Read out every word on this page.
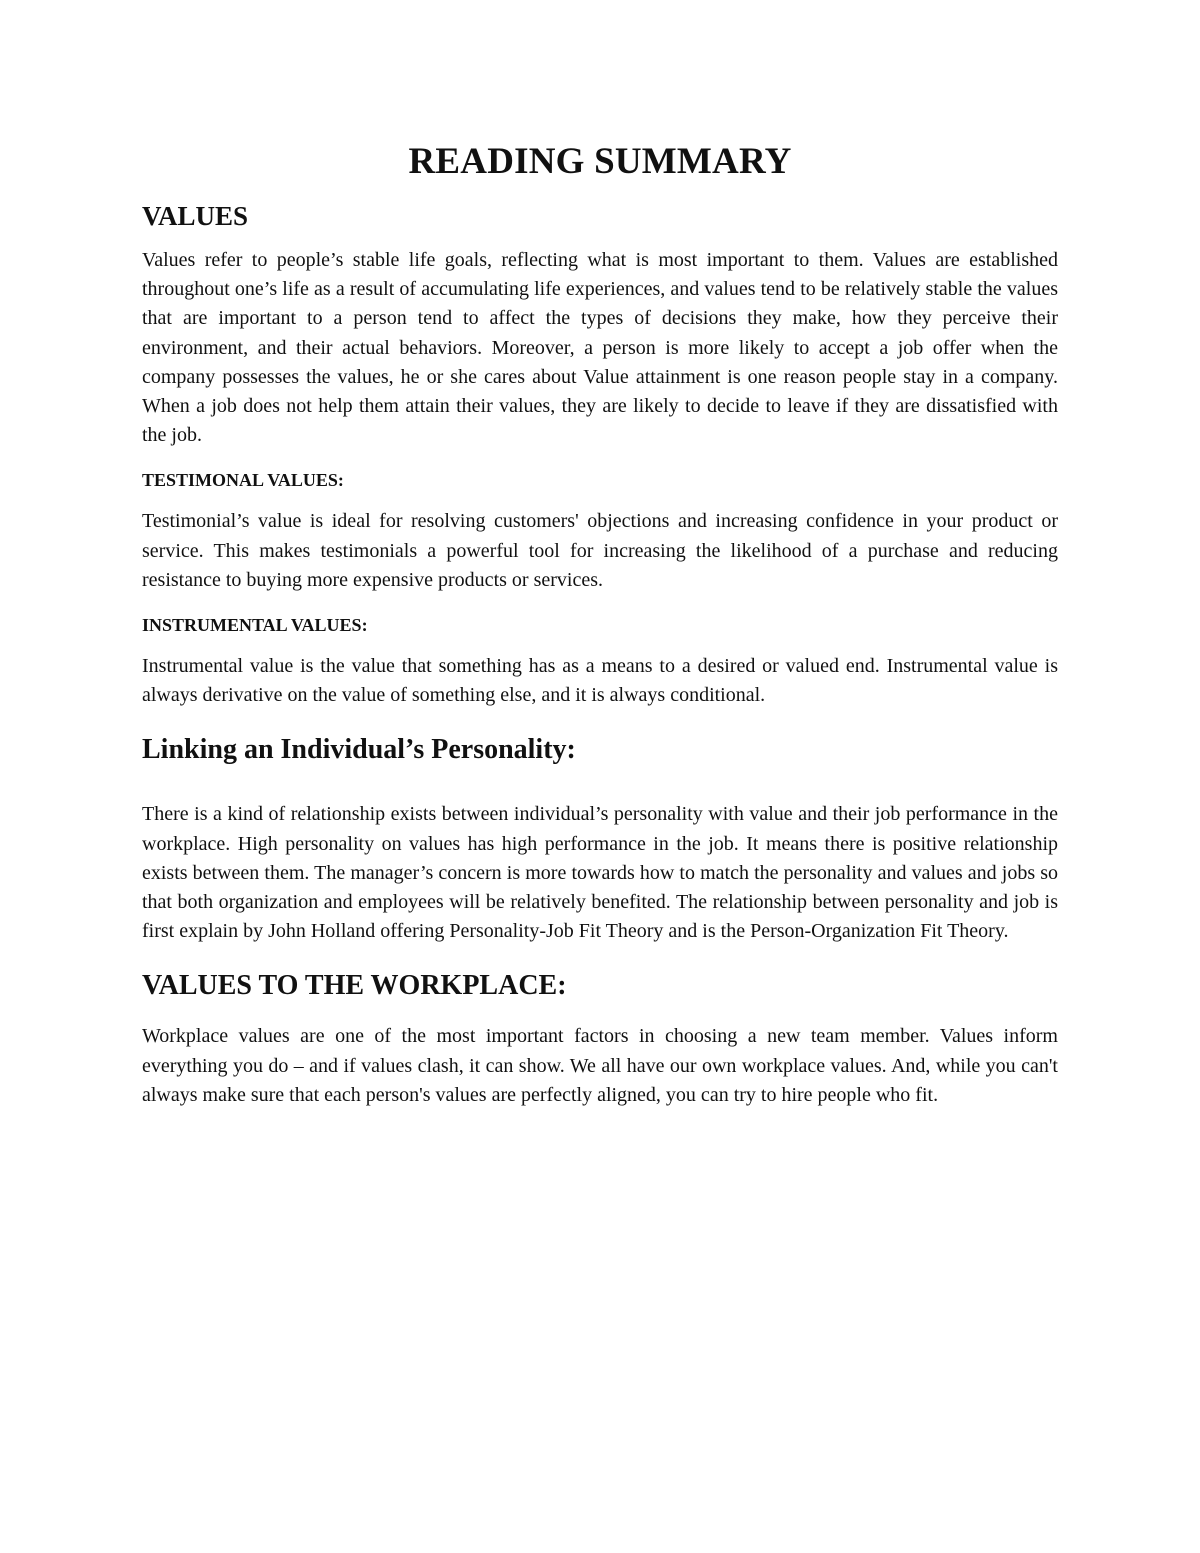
READING SUMMARY
VALUES

Values refer to people’s stable life goals, reflecting what is most important to them. Values are established throughout one’s life as a result of accumulating life experiences, and values tend to be relatively stable the values that are important to a person tend to affect the types of decisions they make, how they perceive their environment, and their actual behaviors. Moreover, a person is more likely to accept a job offer when the company possesses the values, he or she cares about Value attainment is one reason people stay in a company. When a job does not help them attain their values, they are likely to decide to leave if they are dissatisfied with the job.

TESTIMONAL VALUES:

Testimonial’s value is ideal for resolving customers' objections and increasing confidence in your product or service. This makes testimonials a powerful tool for increasing the likelihood of a purchase and reducing resistance to buying more expensive products or services.

INSTRUMENTAL VALUES:

Instrumental value is the value that something has as a means to a desired or valued end. Instrumental value is always derivative on the value of something else, and it is always conditional.

Linking an Individual’s Personality:

There is a kind of relationship exists between individual’s personality with value and their job performance in the workplace. High personality on values has high performance in the job. It means there is positive relationship exists between them. The manager’s concern is more towards how to match the personality and values and jobs so that both organization and employees will be relatively benefited. The relationship between personality and job is first explain by John Holland offering Personality-Job Fit Theory and is the Person-Organization Fit Theory.

VALUES TO THE WORKPLACE:

Workplace values are one of the most important factors in choosing a new team member. Values inform everything you do – and if values clash, it can show. We all have our own workplace values. And, while you can't always make sure that each person's values are perfectly aligned, you can try to hire people who fit.
